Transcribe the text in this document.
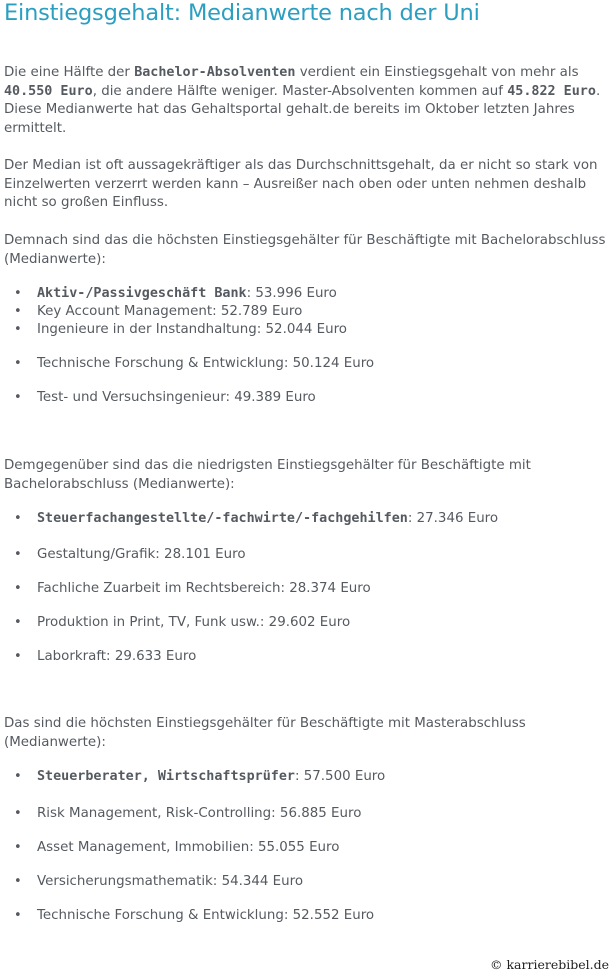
Einstiegsgehalt: Medianwerte nach der Uni

Die eine Hälfte der Bachelor-Absolventen verdient ein Einstiegsgehalt von mehr als 40.550 Euro, die andere Hälfte weniger. Master-Absolventen kommen auf 45.822 Euro. Diese Medianwerte hat das Gehaltsportal gehalt.de bereits im Oktober letzten Jahres ermittelt.

Der Median ist oft aussagekräftiger als das Durchschnittsgehalt, da er nicht so stark von Einzelwerten verzerrt werden kann – Ausreißer nach oben oder unten nehmen deshalb nicht so großen Einfluss.

Demnach sind das die höchsten Einstiegsgehälter für Beschäftigte mit Bachelorabschluss (Medianwerte):

• Aktiv-/Passivgeschäft Bank: 53.996 Euro

• Key Account Management: 52.789 Euro

• Ingenieure in der Instandhaltung: 52.044 Euro

• Technische Forschung & Entwicklung: 50.124 Euro

• Test- und Versuchsingenieur: 49.389 Euro

Demgegenüber sind das die niedrigsten Einstiegsgehälter für Beschäftigte mit Bachelorabschluss (Medianwerte):

• Steuerfachangestellte/-fachwirte/-fachgehilfen: 27.346 Euro

• Gestaltung/Grafik: 28.101 Euro

• Fachliche Zuarbeit im Rechtsbereich: 28.374 Euro

• Produktion in Print, TV, Funk usw.: 29.602 Euro

• Laborkraft: 29.633 Euro

Das sind die höchsten Einstiegsgehälter für Beschäftigte mit Masterabschluss (Medianwerte):

• Steuerberater, Wirtschaftsprüfer: 57.500 Euro

• Risk Management, Risk-Controlling: 56.885 Euro

• Asset Management, Immobilien: 55.055 Euro

• Versicherungsmathematik: 54.344 Euro

• Technische Forschung & Entwicklung: 52.552 Euro

© karrierebibel.de
